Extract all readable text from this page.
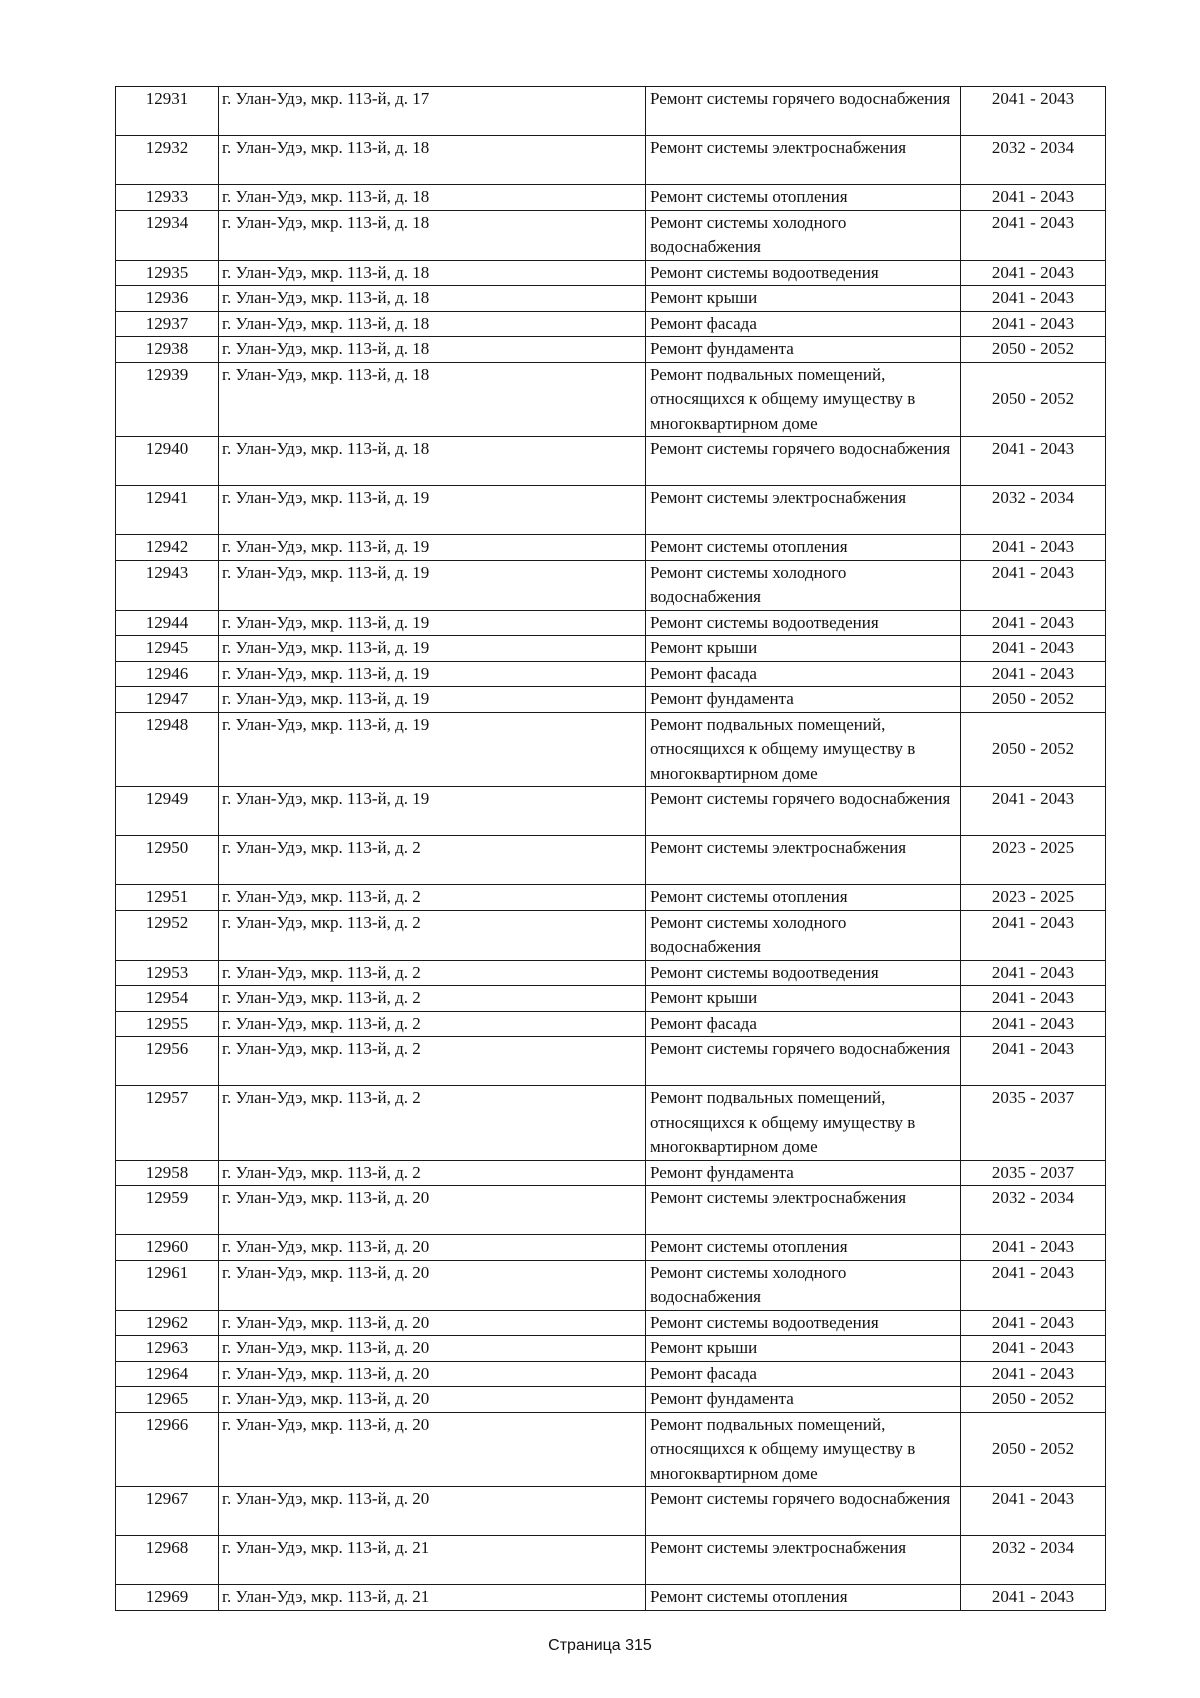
12931	г. Улан-Удэ, мкр. 113-й, д. 17	Ремонт системы горячего водоснабжения	2041 - 2043
12932	г. Улан-Удэ, мкр. 113-й, д. 18	Ремонт системы электроснабжения	2032 - 2034
12933	г. Улан-Удэ, мкр. 113-й, д. 18	Ремонт системы отопления	2041 - 2043
12934	г. Улан-Удэ, мкр. 113-й, д. 18	Ремонт системы холодного водоснабжения	2041 - 2043
12935	г. Улан-Удэ, мкр. 113-й, д. 18	Ремонт системы водоотведения	2041 - 2043
12936	г. Улан-Удэ, мкр. 113-й, д. 18	Ремонт крыши	2041 - 2043
12937	г. Улан-Удэ, мкр. 113-й, д. 18	Ремонт фасада	2041 - 2043
12938	г. Улан-Удэ, мкр. 113-й, д. 18	Ремонт фундамента	2050 - 2052
12939	г. Улан-Удэ, мкр. 113-й, д. 18	Ремонт подвальных помещений, относящихся к общему имуществу в многоквартирном доме	2050 - 2052
12940	г. Улан-Удэ, мкр. 113-й, д. 18	Ремонт системы горячего водоснабжения	2041 - 2043
12941	г. Улан-Удэ, мкр. 113-й, д. 19	Ремонт системы электроснабжения	2032 - 2034
12942	г. Улан-Удэ, мкр. 113-й, д. 19	Ремонт системы отопления	2041 - 2043
12943	г. Улан-Удэ, мкр. 113-й, д. 19	Ремонт системы холодного водоснабжения	2041 - 2043
12944	г. Улан-Удэ, мкр. 113-й, д. 19	Ремонт системы водоотведения	2041 - 2043
12945	г. Улан-Удэ, мкр. 113-й, д. 19	Ремонт крыши	2041 - 2043
12946	г. Улан-Удэ, мкр. 113-й, д. 19	Ремонт фасада	2041 - 2043
12947	г. Улан-Удэ, мкр. 113-й, д. 19	Ремонт фундамента	2050 - 2052
12948	г. Улан-Удэ, мкр. 113-й, д. 19	Ремонт подвальных помещений, относящихся к общему имуществу в многоквартирном доме	2050 - 2052
12949	г. Улан-Удэ, мкр. 113-й, д. 19	Ремонт системы горячего водоснабжения	2041 - 2043
12950	г. Улан-Удэ, мкр. 113-й, д. 2	Ремонт системы электроснабжения	2023 - 2025
12951	г. Улан-Удэ, мкр. 113-й, д. 2	Ремонт системы отопления	2023 - 2025
12952	г. Улан-Удэ, мкр. 113-й, д. 2	Ремонт системы холодного водоснабжения	2041 - 2043
12953	г. Улан-Удэ, мкр. 113-й, д. 2	Ремонт системы водоотведения	2041 - 2043
12954	г. Улан-Удэ, мкр. 113-й, д. 2	Ремонт крыши	2041 - 2043
12955	г. Улан-Удэ, мкр. 113-й, д. 2	Ремонт фасада	2041 - 2043
12956	г. Улан-Удэ, мкр. 113-й, д. 2	Ремонт системы горячего водоснабжения	2041 - 2043
12957	г. Улан-Удэ, мкр. 113-й, д. 2	Ремонт подвальных помещений, относящихся к общему имуществу в многоквартирном доме	2035 - 2037
12958	г. Улан-Удэ, мкр. 113-й, д. 2	Ремонт фундамента	2035 - 2037
12959	г. Улан-Удэ, мкр. 113-й, д. 20	Ремонт системы электроснабжения	2032 - 2034
12960	г. Улан-Удэ, мкр. 113-й, д. 20	Ремонт системы отопления	2041 - 2043
12961	г. Улан-Удэ, мкр. 113-й, д. 20	Ремонт системы холодного водоснабжения	2041 - 2043
12962	г. Улан-Удэ, мкр. 113-й, д. 20	Ремонт системы водоотведения	2041 - 2043
12963	г. Улан-Удэ, мкр. 113-й, д. 20	Ремонт крыши	2041 - 2043
12964	г. Улан-Удэ, мкр. 113-й, д. 20	Ремонт фасада	2041 - 2043
12965	г. Улан-Удэ, мкр. 113-й, д. 20	Ремонт фундамента	2050 - 2052
12966	г. Улан-Удэ, мкр. 113-й, д. 20	Ремонт подвальных помещений, относящихся к общему имуществу в многоквартирном доме	2050 - 2052
12967	г. Улан-Удэ, мкр. 113-й, д. 20	Ремонт системы горячего водоснабжения	2041 - 2043
12968	г. Улан-Удэ, мкр. 113-й, д. 21	Ремонт системы электроснабжения	2032 - 2034
12969	г. Улан-Удэ, мкр. 113-й, д. 21	Ремонт системы отопления	2041 - 2043
Страница 315
